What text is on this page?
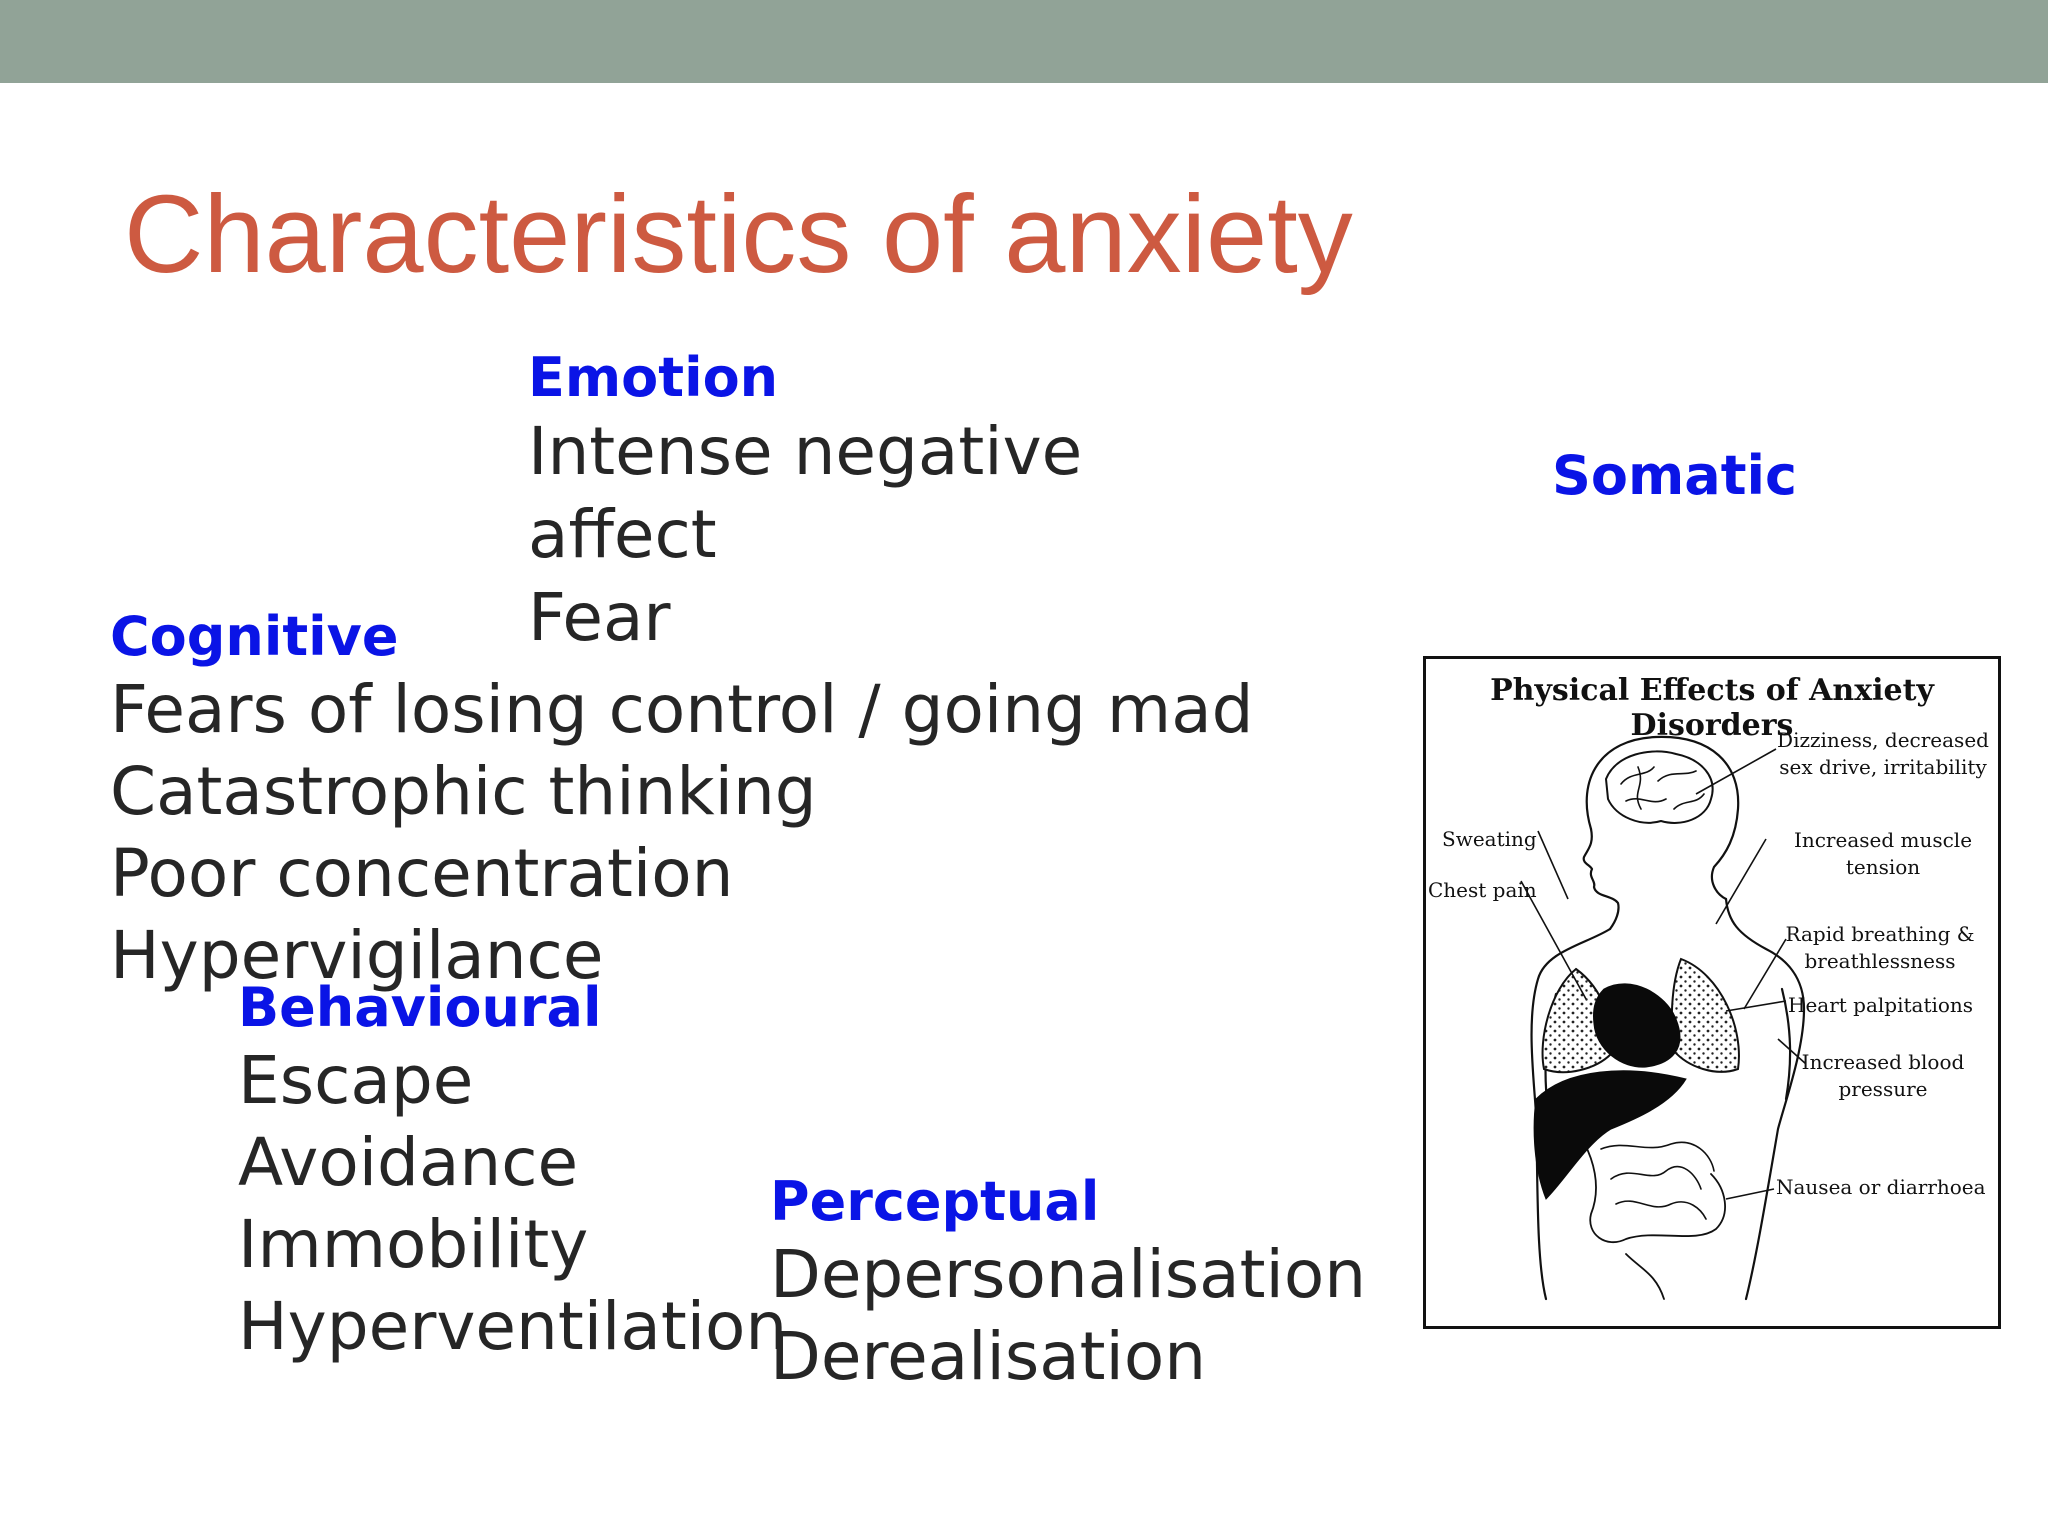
Characteristics of anxiety
Emotion
Intense negative
affect
Fear
Somatic
Cognitive
Fears of losing control / going mad
Catastrophic thinking
Poor concentration
Hypervigilance
Behavioural
Escape
Avoidance
Immobility
Hyperventilation
Perceptual
Depersonalisation
Derealisation
Physical Effects of Anxiety Disorders
Dizziness, decreased
sex drive, irritability
Sweating
Chest pain
Increased muscle
tension
Rapid breathing &
breathlessness
Heart palpitations
Increased blood
pressure
Nausea or diarrhoea
